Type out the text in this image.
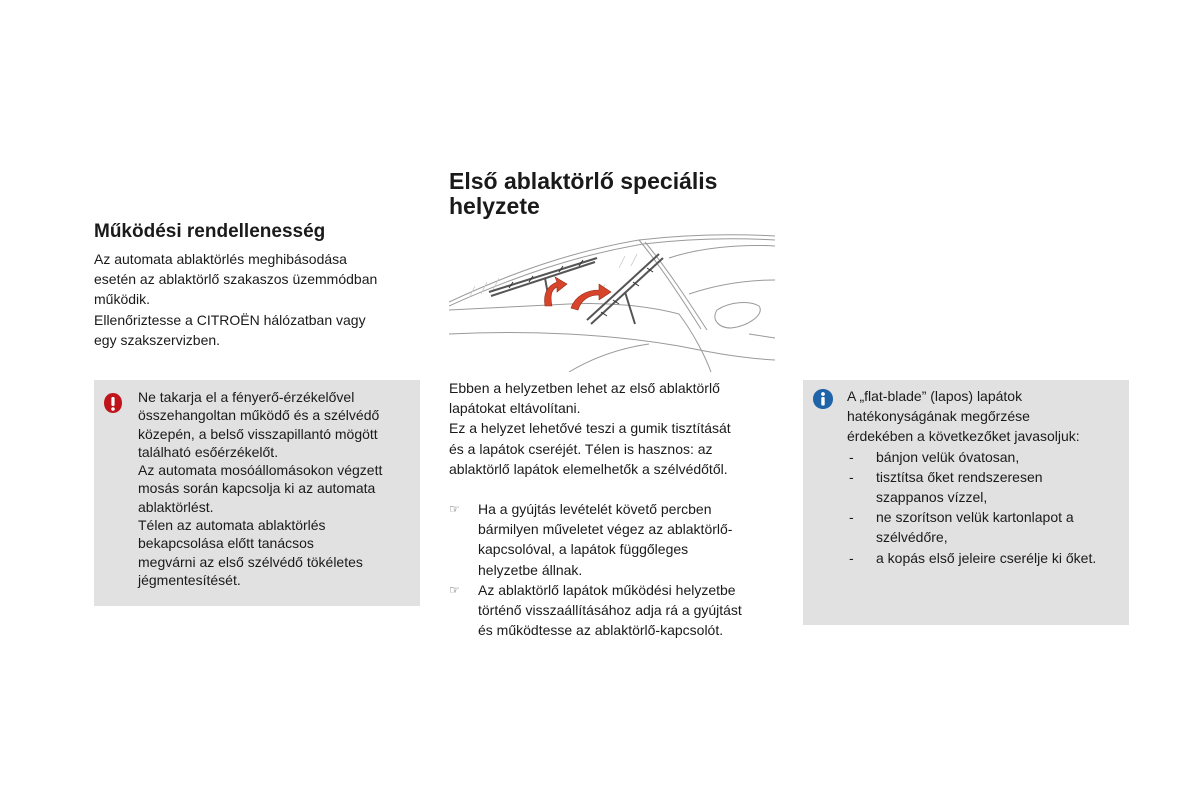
Működési rendellenesség
Az automata ablaktörlés meghibásodása
esetén az ablaktörlő szakaszos üzemmódban
működik.
Ellenőriztesse a CITROËN hálózatban vagy
egy szakszervizben.
Ne takarja el a fényerő-érzékelővel
összehangoltan működő és a szélvédő
közepén, a belső visszapillantó mögött
található esőérzékelőt.
Az automata mosóállomásokon végzett
mosás során kapcsolja ki az automata
ablaktörlést.
Télen az automata ablaktörlés
bekapcsolása előtt tanácsos
megvárni az első szélvédő tökéletes
jégmentesítését.
Első ablaktörlő speciális
helyzete
Ebben a helyzetben lehet az első ablaktörlő
lapátokat eltávolítani.
Ez a helyzet lehetővé teszi a gumik tisztítását
és a lapátok cseréjét. Télen is hasznos: az
ablaktörlő lapátok elemelhetők a szélvédőtől.
☞ Ha a gyújtás levételét követő percben
bármilyen műveletet végez az ablaktörlő-
kapcsolóval, a lapátok függőleges
helyzetbe állnak.
☞ Az ablaktörlő lapátok működési helyzetbe
történő visszaállításához adja rá a gyújtást
és működtesse az ablaktörlő-kapcsolót.
A „flat-blade” (lapos) lapátok
hatékonyságának megőrzése
érdekében a következőket javasoljuk:
- bánjon velük óvatosan,
- tisztítsa őket rendszeresen
szappanos vízzel,
- ne szorítson velük kartonlapot a
szélvédőre,
- a kopás első jeleire cserélje ki őket.
